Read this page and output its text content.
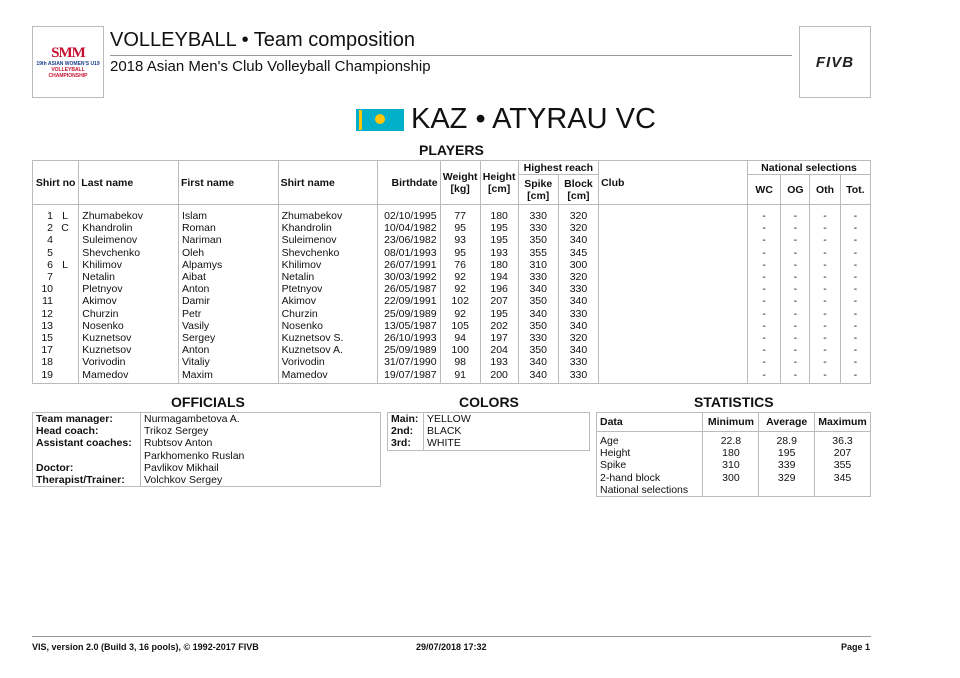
SMM
19th ASIAN WOMEN'S U19
VOLLEYBALL CHAMPIONSHIP
VOLLEYBALL • Team composition
2018 Asian Men's Club Volleyball Championship	FIVB
KAZ • ATYRAU VC
PLAYERS
Shirt no	Last name	First name	Shirt name	Birthdate	Weight [kg]	Height [cm]	Highest reach		Club	National selections			
							Spike [cm]	Block [cm]		WC	OG	Oth	Tot.
1 L	Zhumabekov	Islam	Zhumabekov	02/10/1995	77	180	330	320		-	-	-	-
2 C	Khandrolin	Roman	Khandrolin	10/04/1982	95	195	330	320		-	-	-	-
4	Suleimenov	Nariman	Suleimenov	23/06/1982	93	195	350	340		-	-	-	-
5	Shevchenko	Oleh	Shevchenko	08/01/1993	95	193	355	345		-	-	-	-
6 L	Khilimov	Alpamys	Khilimov	26/07/1991	76	180	310	300		-	-	-	-
7	Netalin	Aibat	Netalin	30/03/1992	92	194	330	320		-	-	-	-
10	Pletnyov	Anton	Ptetnyov	26/05/1987	92	196	340	330		-	-	-	-
11	Akimov	Damir	Akimov	22/09/1991	102	207	350	340		-	-	-	-
12	Churzin	Petr	Churzin	25/09/1989	92	195	340	330		-	-	-	-
13	Nosenko	Vasily	Nosenko	13/05/1987	105	202	350	340		-	-	-	-
15	Kuznetsov	Sergey	Kuznetsov S.	26/10/1993	94	197	330	320		-	-	-	-
17	Kuznetsov	Anton	Kuznetsov A.	25/09/1989	100	204	350	340		-	-	-	-
18	Vorivodin	Vitaliy	Vorivodin	31/07/1990	98	193	340	330		-	-	-	-
19	Mamedov	Maxim	Mamedov	19/07/1987	91	200	340	330		-	-	-	-
OFFICIALS
Team manager:	Nurmagambetova A.
Head coach:	Trikoz Sergey
Assistant coaches:	Rubtsov Anton
	Parkhomenko Ruslan
Doctor:	Pavlikov Mikhail
Therapist/Trainer:	Volchkov Sergey
COLORS
Main:	YELLOW
2nd:	BLACK
3rd:	WHITE
STATISTICS
Data	Minimum	Average	Maximum
Age	22.8	28.9	36.3
Height	180	195	207
Spike	310	339	355
2-hand block	300	329	345
National selections			
VIS, version 2.0 (Build 3, 16 pools), © 1992-2017 FIVB	29/07/2018 17:32	Page 1
